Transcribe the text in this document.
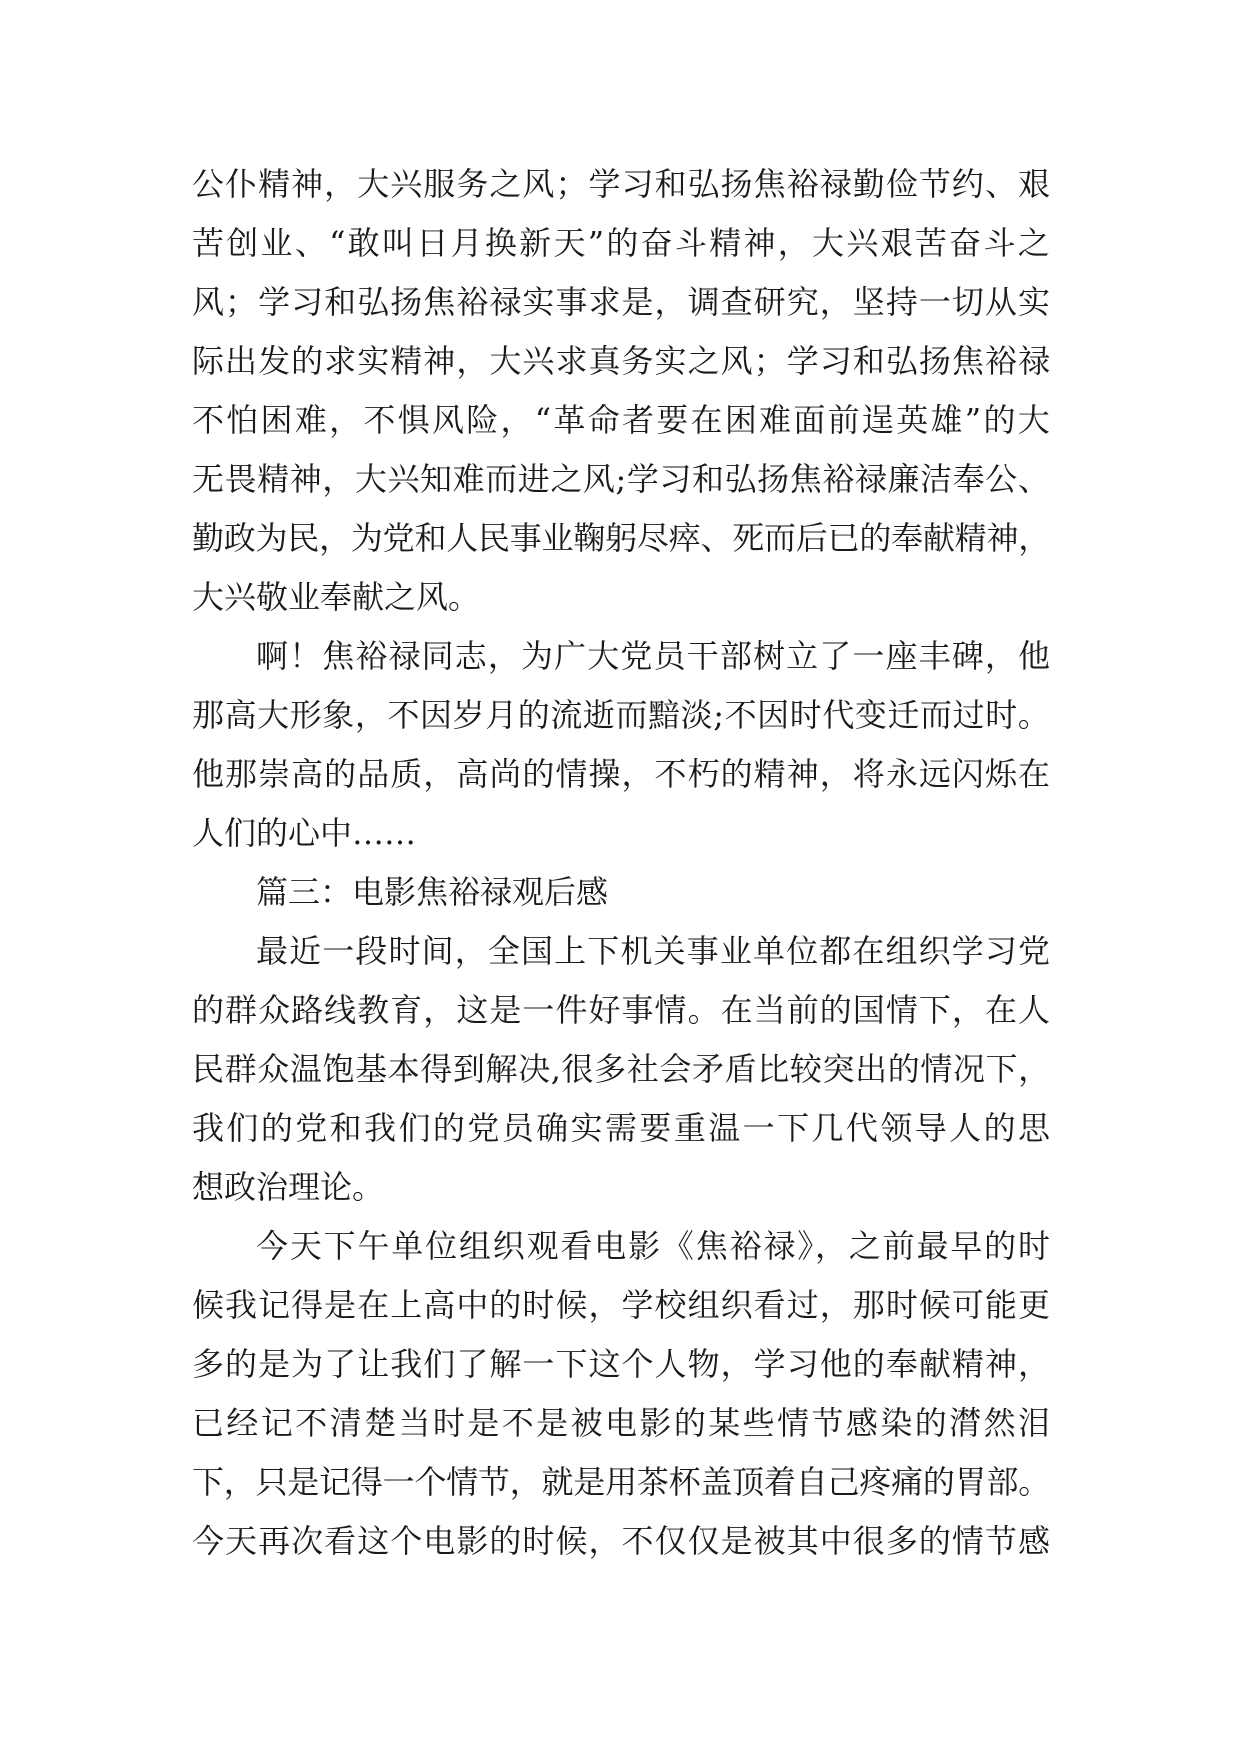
公仆精神，大兴服务之风；学习和弘扬焦裕禄勤俭节约、艰
苦创业、“敢叫日月换新天”的奋斗精神，大兴艰苦奋斗之
风；学习和弘扬焦裕禄实事求是，调查研究，坚持一切从实
际出发的求实精神，大兴求真务实之风；学习和弘扬焦裕禄
不怕困难，不惧风险，“革命者要在困难面前逞英雄”的大
无畏精神，大兴知难而进之风;学习和弘扬焦裕禄廉洁奉公、
勤政为民，为党和人民事业鞠躬尽瘁、死而后已的奉献精神，
大兴敬业奉献之风。

啊！焦裕禄同志，为广大党员干部树立了一座丰碑，他
那高大形象，不因岁月的流逝而黯淡;不因时代变迁而过时。
他那崇高的品质，高尚的情操，不朽的精神，将永远闪烁在
人们的心中……

篇三：电影焦裕禄观后感

最近一段时间，全国上下机关事业单位都在组织学习党
的群众路线教育，这是一件好事情。在当前的国情下，在人
民群众温饱基本得到解决,很多社会矛盾比较突出的情况下，
我们的党和我们的党员确实需要重温一下几代领导人的思
想政治理论。

今天下午单位组织观看电影《焦裕禄》，之前最早的时
候我记得是在上高中的时候，学校组织看过，那时候可能更
多的是为了让我们了解一下这个人物，学习他的奉献精神，
已经记不清楚当时是不是被电影的某些情节感染的潸然泪
下，只是记得一个情节，就是用茶杯盖顶着自己疼痛的胃部。
今天再次看这个电影的时候，不仅仅是被其中很多的情节感
